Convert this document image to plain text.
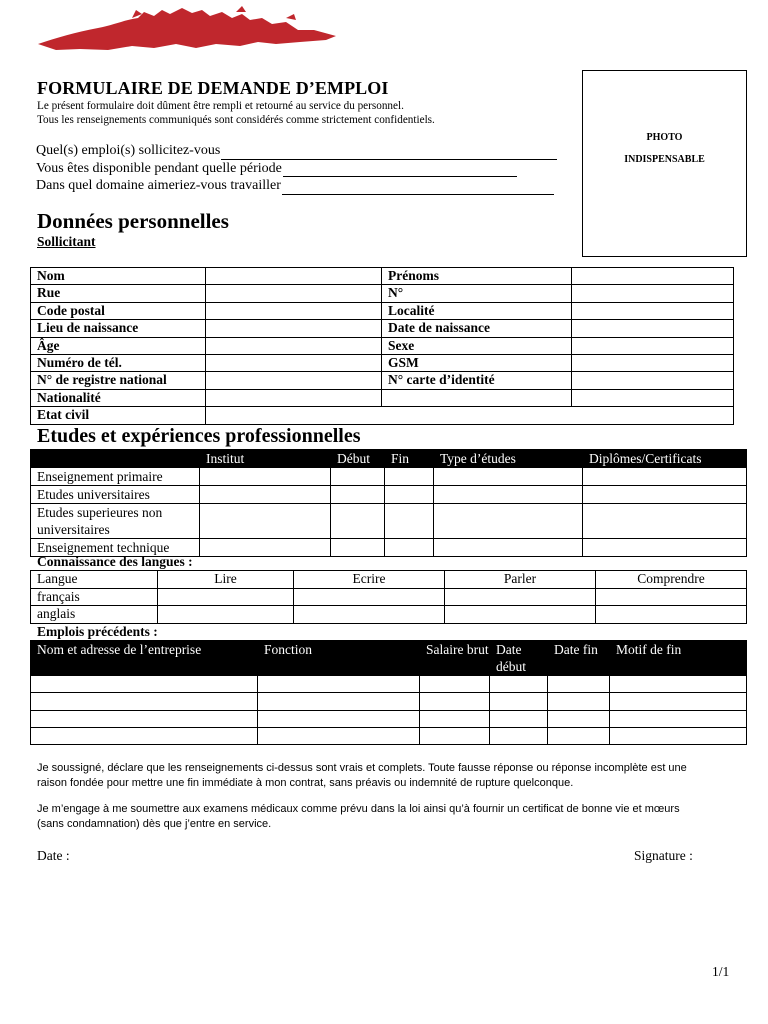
FORMULAIRE DE DEMANDE D’EMPLOI
Le présent formulaire doit dûment être rempli et retourné au service du personnel.
Tous les renseignements communiqués sont considérés comme strictement confidentiels.
Quel(s) emploi(s) sollicitez-vous
Vous êtes disponible pendant quelle période
Dans quel domaine aimeriez-vous travailler
PHOTO
INDISPENSABLE
Données personnelles
Sollicitant
Nom		Prénoms	
Rue		N°	
Code postal		Localité	
Lieu de naissance		Date de naissance	
Âge		Sexe	
Numéro de tél.		GSM	
N° de registre national		N° carte d’identité	
Nationalité			
Etat civil			
Etudes et expériences professionnelles
	Institut	Début	Fin	Type d’études	Diplômes/Certificats
Enseignement primaire					
Etudes universitaires					
Etudes superieures non universitaires					
Enseignement technique					
Connaissance des langues :
Langue	Lire	Ecrire	Parler	Comprendre
français				
anglais				
Emplois précédents :
Nom et adresse de l’entreprise	Fonction	Salaire brut	Date début	Date fin	Motif de fin

Je soussigné, déclare que les renseignements ci-dessus sont vrais et complets. Toute fausse réponse ou réponse incomplète est une
raison fondée pour mettre une fin immédiate à mon contrat, sans préavis ou indemnité de rupture quelconque.
Je m’engage à me soumettre aux examens médicaux comme prévu dans la loi ainsi qu’à fournir un certificat de bonne vie et mœurs
(sans condamnation) dès que j’entre en service.
Date :	Signature :
1/1
